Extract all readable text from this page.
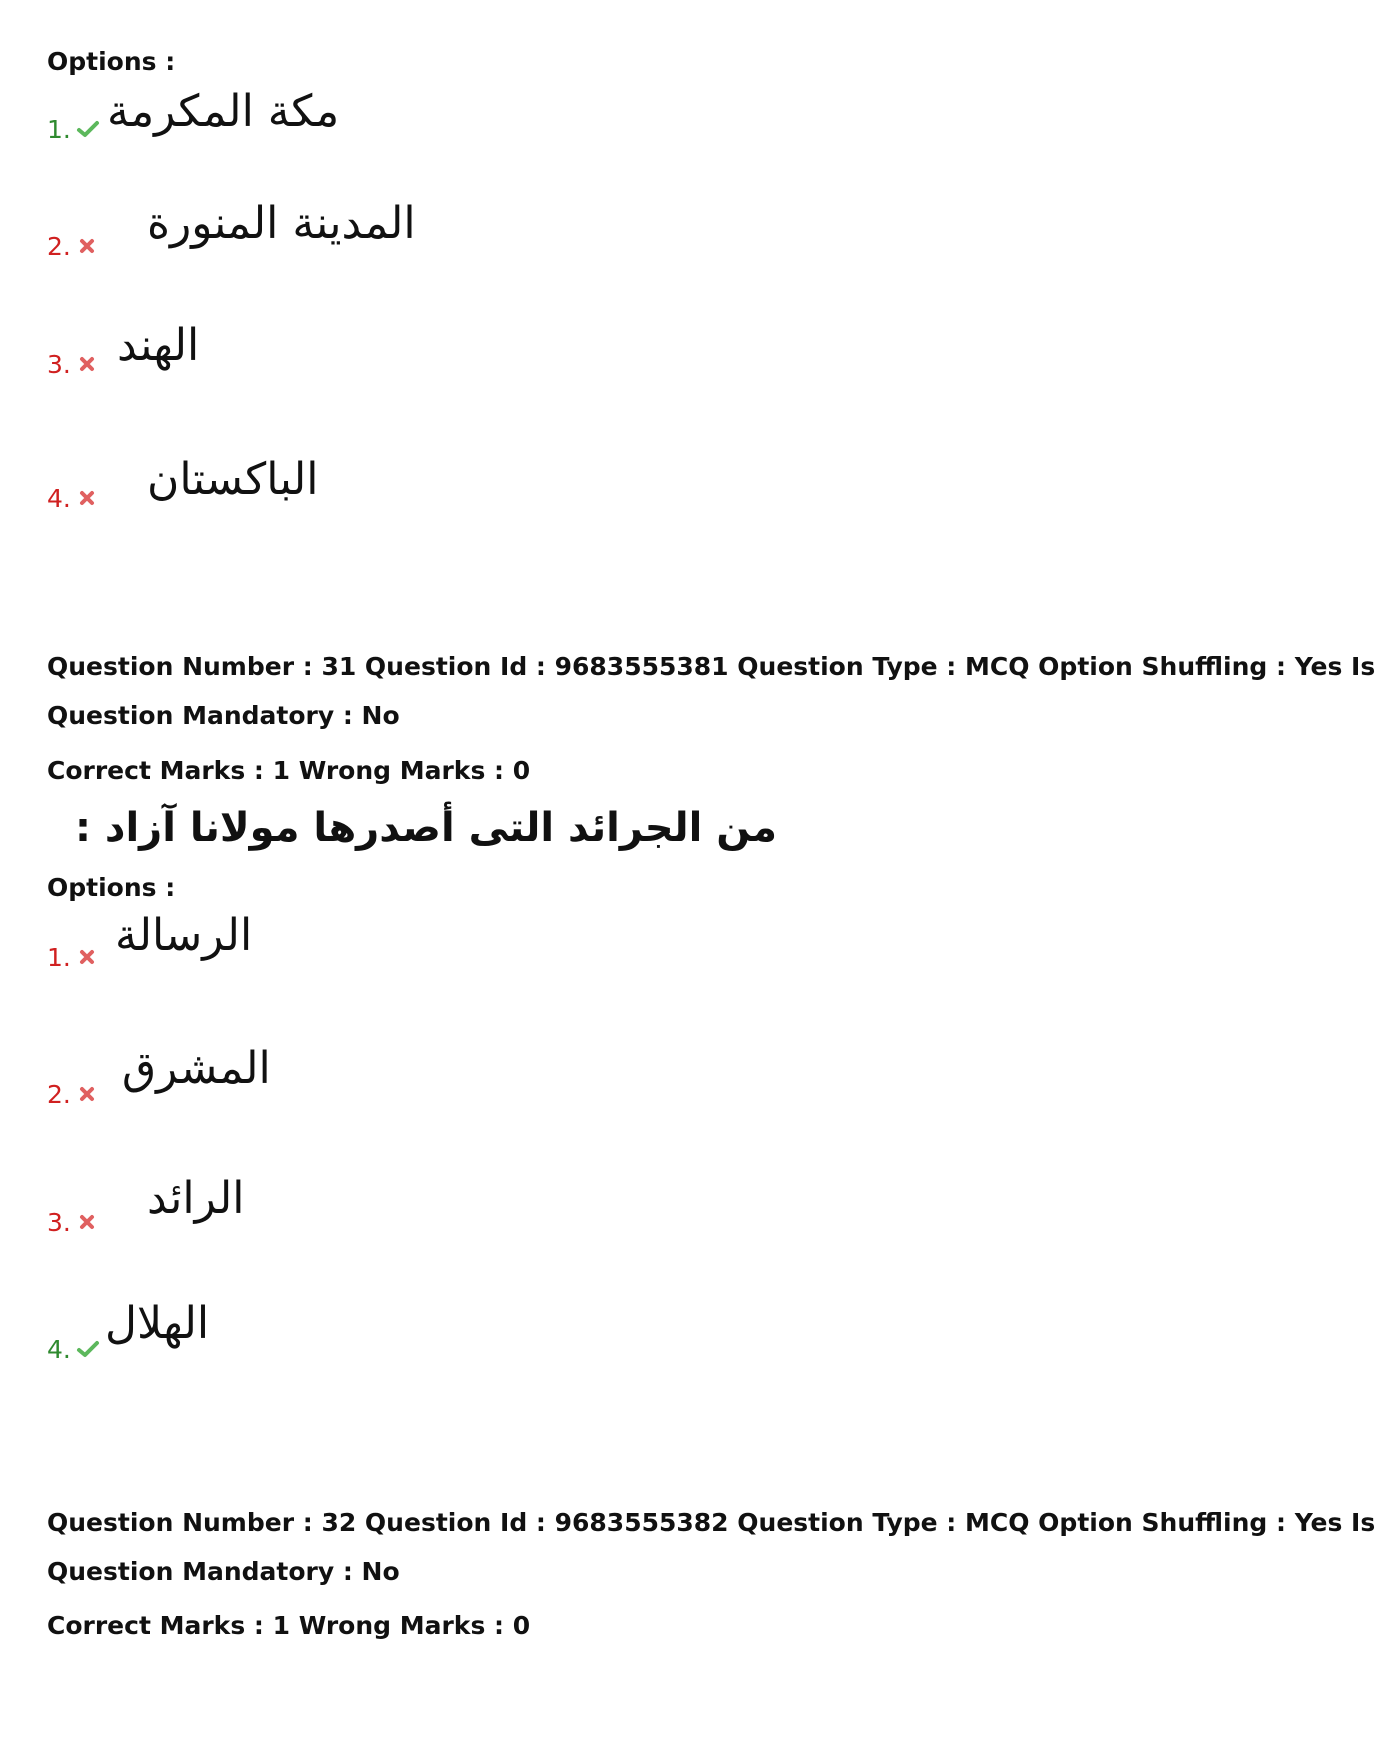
Options :
1. مكة المكرمة
2. المدينة المنورة
3. الهند
4. الباكستان
Question Number : 31 Question Id : 9683555381 Question Type : MCQ Option Shuffling : Yes Is
Question Mandatory : No
Correct Marks : 1 Wrong Marks : 0
من الجرائد التى أصدرها مولانا آزاد :
Options :
1. الرسالة
2.
المشرق
3. الرائد
4.
الهلال
Question Number : 32 Question Id : 9683555382 Question Type : MCQ Option Shuffling : Yes Is
Question Mandatory : No
Correct Marks : 1 Wrong Marks : 0
